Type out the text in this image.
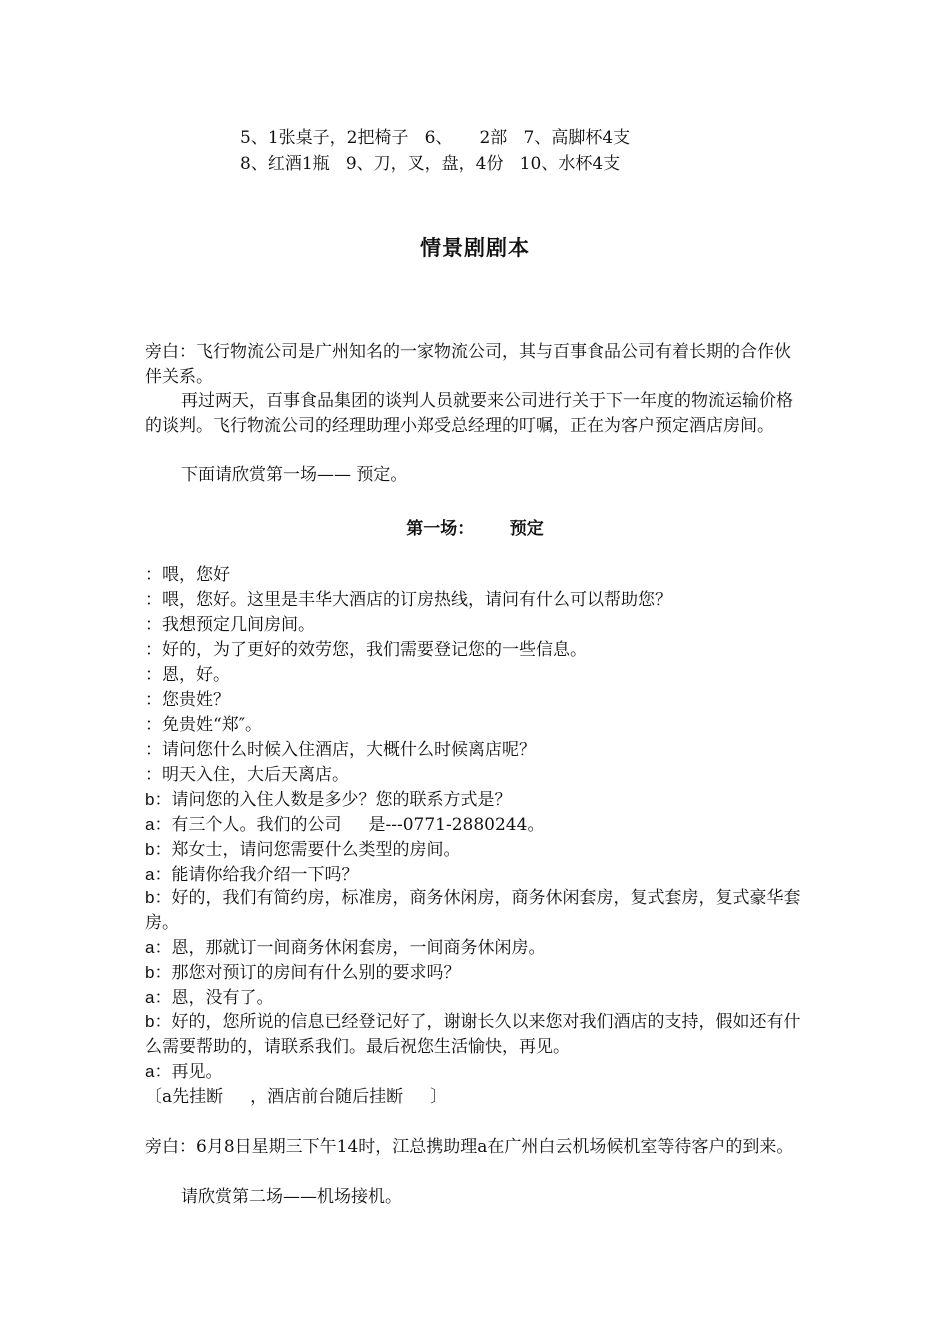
5、1张桌子，2把椅子   6、     2部   7、高脚杯4支
8、红酒1瓶   9、刀，叉，盘，4份   10、水杯4支
情景剧剧本
旁白：飞行物流公司是广州知名的一家物流公司，其与百事食品公司有着长期的合作伙伴关系。
再过两天，百事食品集团的谈判人员就要来公司进行关于下一年度的物流运输价格的谈判。飞行物流公司的经理助理小郑受总经理的叮嘱，正在为客户预定酒店房间。
下面请欣赏第一场—— 预定。
第一场：      预定
：喂，您好
：喂，您好。这里是丰华大酒店的订房热线，请问有什么可以帮助您？
：我想预定几间房间。
：好的，为了更好的效劳您，我们需要登记您的一些信息。
：恩，好。
：您贵姓？
：免贵姓“郑″。
：请问您什么时候入住酒店，大概什么时候离店呢？
：明天入住，大后天离店。
b：请问您的入住人数是多少？您的联系方式是？
a：有三个人。我们的公司     是---0771-2880244。
b：郑女士，请问您需要什么类型的房间。
a：能请你给我介绍一下吗？
b：好的，我们有简约房，标准房，商务休闲房，商务休闲套房，复式套房，复式豪华套房。
a：恩，那就订一间商务休闲套房，一间商务休闲房。
b：那您对预订的房间有什么别的要求吗？
a：恩，没有了。
b：好的，您所说的信息已经登记好了，谢谢长久以来您对我们酒店的支持，假如还有什么需要帮助的，请联系我们。最后祝您生活愉快，再见。
a：再见。
〔a先挂断     ，酒店前台随后挂断     〕
旁白：6月8日星期三下午14时，江总携助理a在广州白云机场候机室等待客户的到来。
请欣赏第二场——机场接机。
